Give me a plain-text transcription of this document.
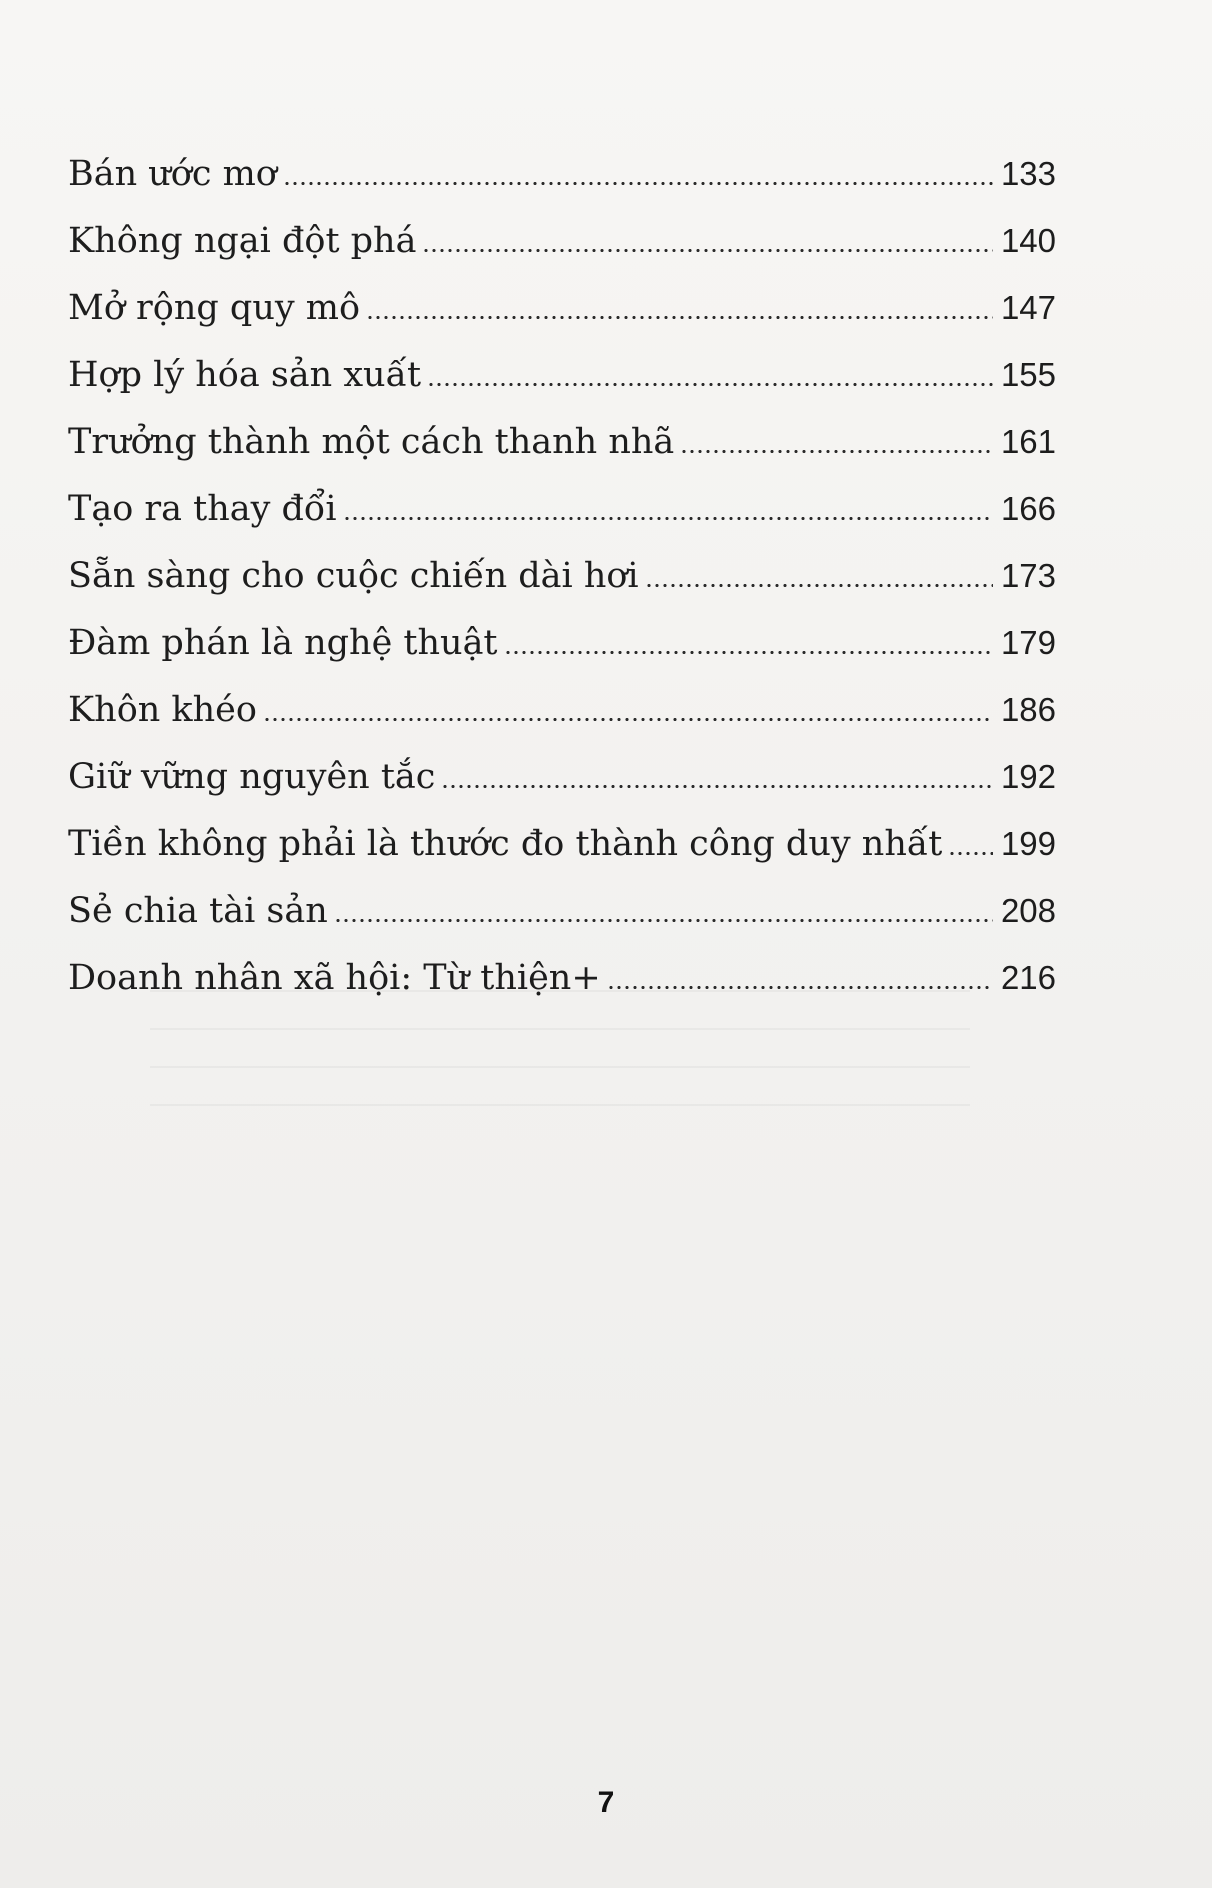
Bán ước mơ	133
Không ngại đột phá	140
Mở rộng quy mô	147
Hợp lý hóa sản xuất	155
Trưởng thành một cách thanh nhã	161
Tạo ra thay đổi	166
Sẵn sàng cho cuộc chiến dài hơi	173
Đàm phán là nghệ thuật	179
Khôn khéo	186
Giữ vững nguyên tắc	192
Tiền không phải là thước đo thành công duy nhất 199
Sẻ chia tài sản	208
Doanh nhân xã hội: Từ thiện+	216
7
